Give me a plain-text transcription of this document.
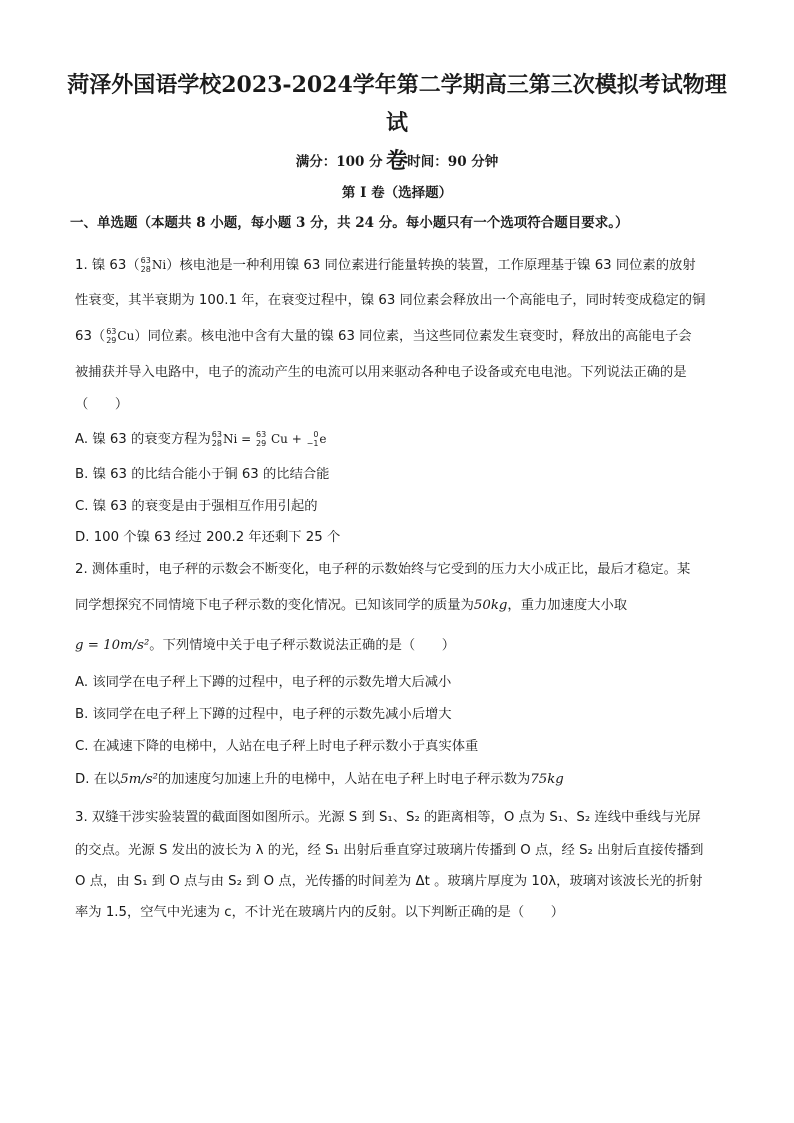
菏泽外国语学校2023-2024学年第二学期高三第三次模拟考试物理试
卷
满分：100 分 时间：90 分钟
第 I 卷（选择题）
一、单选题（本题共 8 小题，每小题 3 分，共 24 分。每小题只有一个选项符合题目要求。）
1. 镍 63（ 63
28 Ni）核电池是一种利用镍 63 同位素进行能量转换的装置，工作原理基于镍 63 同位素的放射
性衰变，其半衰期为 100.1 年，在衰变过程中，镍 63 同位素会释放出一个高能电子，同时转变成稳定的铜
63（ 63
29 Cu）同位素。核电池中含有大量的镍 63 同位素，当这些同位素发生衰变时，释放出的高能电子会
被捕获并导入电路中，电子的流动产生的电流可以用来驱动各种电子设备或充电电池。下列说法正确的是
（　　）
A. 镍 63 的衰变方程为 63
28 Ni = 63
29 Cu + 0
−1 e
B. 镍 63 的比结合能小于铜 63 的比结合能
C. 镍 63 的衰变是由于强相互作用引起的
D. 100 个镍 63 经过 200.2 年还剩下 25 个
2. 测体重时，电子秤的示数会不断变化，电子秤的示数始终与它受到的压力大小成正比，最后才稳定。某
同学想探究不同情境下电子秤示数的变化情况。已知该同学的质量为50kg，重力加速度大小取
g = 10m/s²。下列情境中关于电子秤示数说法正确的是（　　）
A. 该同学在电子秤上下蹲的过程中，电子秤的示数先增大后减小
B. 该同学在电子秤上下蹲的过程中，电子秤的示数先减小后增大
C. 在减速下降的电梯中，人站在电子秤上时电子秤示数小于真实体重
D. 在以5m/s²的加速度匀加速上升的电梯中，人站在电子秤上时电子秤示数为75kg
3. 双缝干涉实验装置的截面图如图所示。光源 S 到 S₁、S₂ 的距离相等，O 点为 S₁、S₂ 连线中垂线与光屏
的交点。光源 S 发出的波长为 λ 的光，经 S₁ 出射后垂直穿过玻璃片传播到 O 点，经 S₂ 出射后直接传播到
O 点，由 S₁ 到 O 点与由 S₂ 到 O 点，光传播的时间差为 Δt 。玻璃片厚度为 10λ，玻璃对该波长光的折射
率为 1.5，空气中光速为 c，不计光在玻璃片内的反射。以下判断正确的是（　　）
